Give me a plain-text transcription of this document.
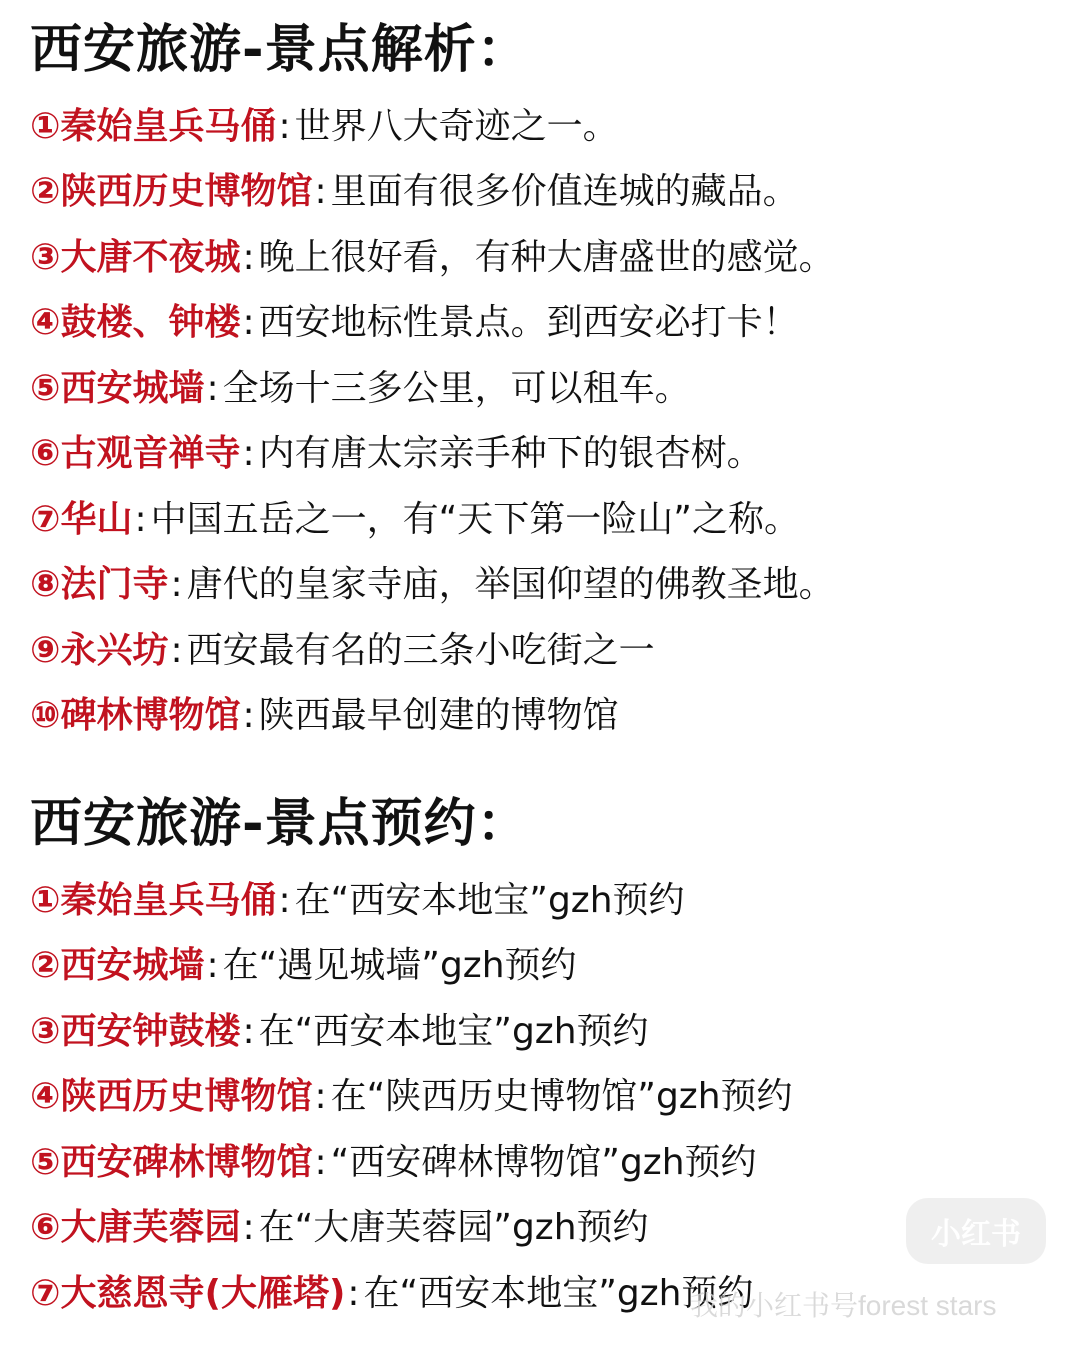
西安旅游-景点解析：
① 秦始皇兵马俑 : 世界八大奇迹之一。
② 陕西历史博物馆 : 里面有很多价值连城的藏品。
③ 大唐不夜城 : 晚上很好看，有种大唐盛世的感觉。
④ 鼓楼、钟楼 : 西安地标性景点。到西安必打卡！
⑤ 西安城墙 : 全场十三多公里，可以租车。
⑥ 古观音禅寺 : 内有唐太宗亲手种下的银杏树。
⑦ 华山 : 中国五岳之一，有“天下第一险山”之称。
⑧ 法门寺 : 唐代的皇家寺庙，举国仰望的佛教圣地。
⑨ 永兴坊 : 西安最有名的三条小吃街之一
⑩ 碑林博物馆 : 陕西最早创建的博物馆
西安旅游-景点预约：
① 秦始皇兵马俑 : 在“西安本地宝”gzh预约
② 西安城墙 : 在“遇见城墙”gzh预约
③ 西安钟鼓楼 : 在“西安本地宝”gzh预约
④ 陕西历史博物馆 : 在“陕西历史博物馆”gzh预约
⑤ 西安碑林博物馆 : “西安碑林博物馆”gzh预约
⑥ 大唐芙蓉园 : 在“大唐芙蓉园”gzh预约
⑦ 大慈恩寺(大雁塔) : 在“西安本地宝”gzh预约
小红书
我的小红书号forest stars
